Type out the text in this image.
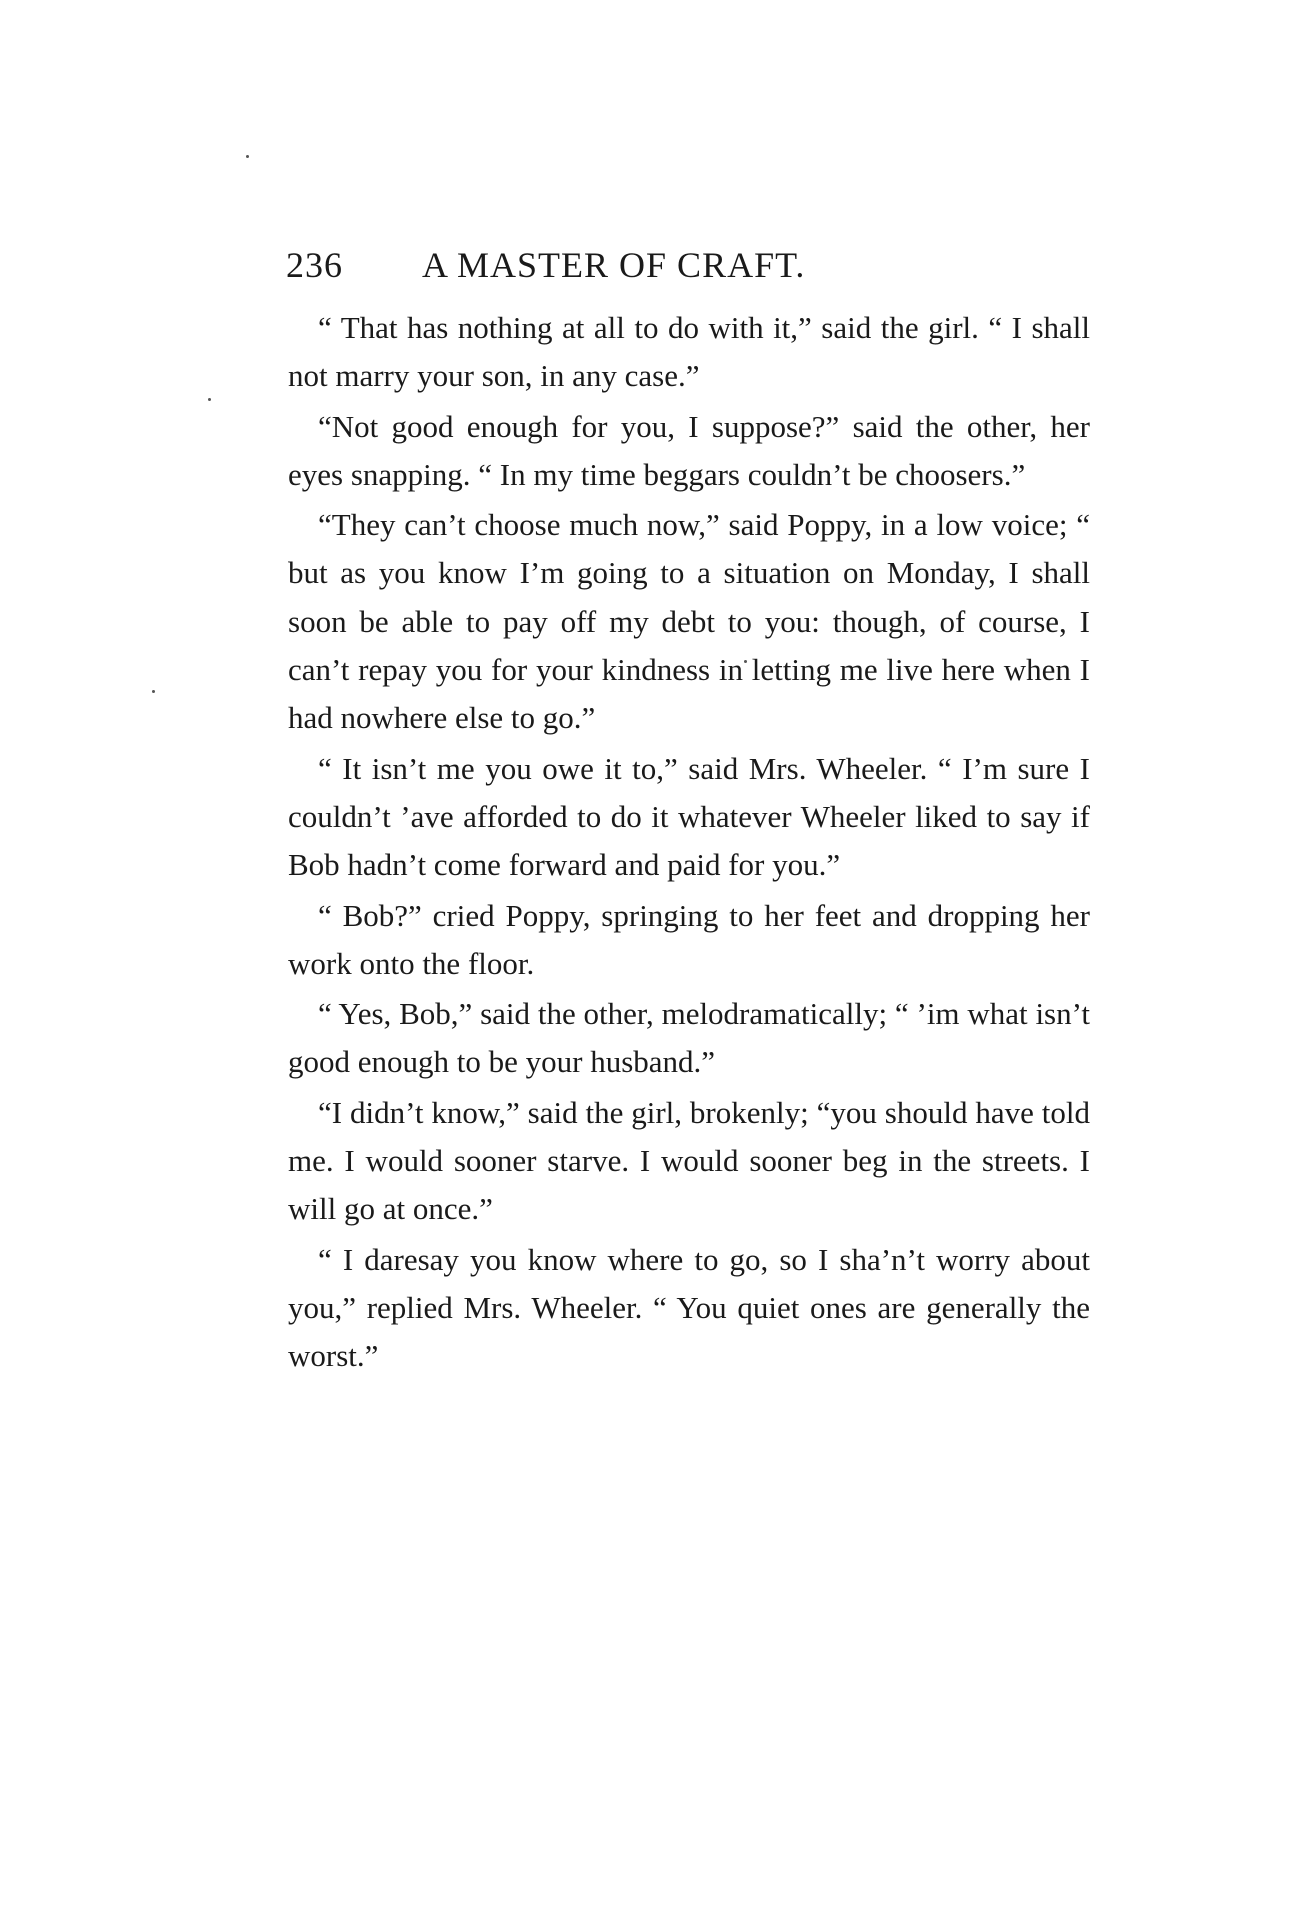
236 A MASTER OF CRAFT.

“ That has nothing at all to do with it,” said the girl. “ I shall not marry your son, in any case.”

“Not good enough for you, I suppose?” said the other, her eyes snapping. “ In my time beggars couldn’t be choosers.”

“They can’t choose much now,” said Poppy, in a low voice; “ but as you know I’m going to a situation on Monday, I shall soon be able to pay off my debt to you: though, of course, I can’t repay you for your kindness in letting me live here when I had nowhere else to go.”

“ It isn’t me you owe it to,” said Mrs. Wheeler. “ I’m sure I couldn’t ’ave afforded to do it whatever Wheeler liked to say if Bob hadn’t come forward and paid for you.”

“ Bob?” cried Poppy, springing to her feet and dropping her work onto the floor.

“ Yes, Bob,” said the other, melodramatically; “ ’im what isn’t good enough to be your husband.”

“I didn’t know,” said the girl, brokenly; “you should have told me. I would sooner starve. I would sooner beg in the streets. I will go at once.”

“ I daresay you know where to go, so I sha’n’t worry about you,” replied Mrs. Wheeler. “ You quiet ones are generally the worst.”
